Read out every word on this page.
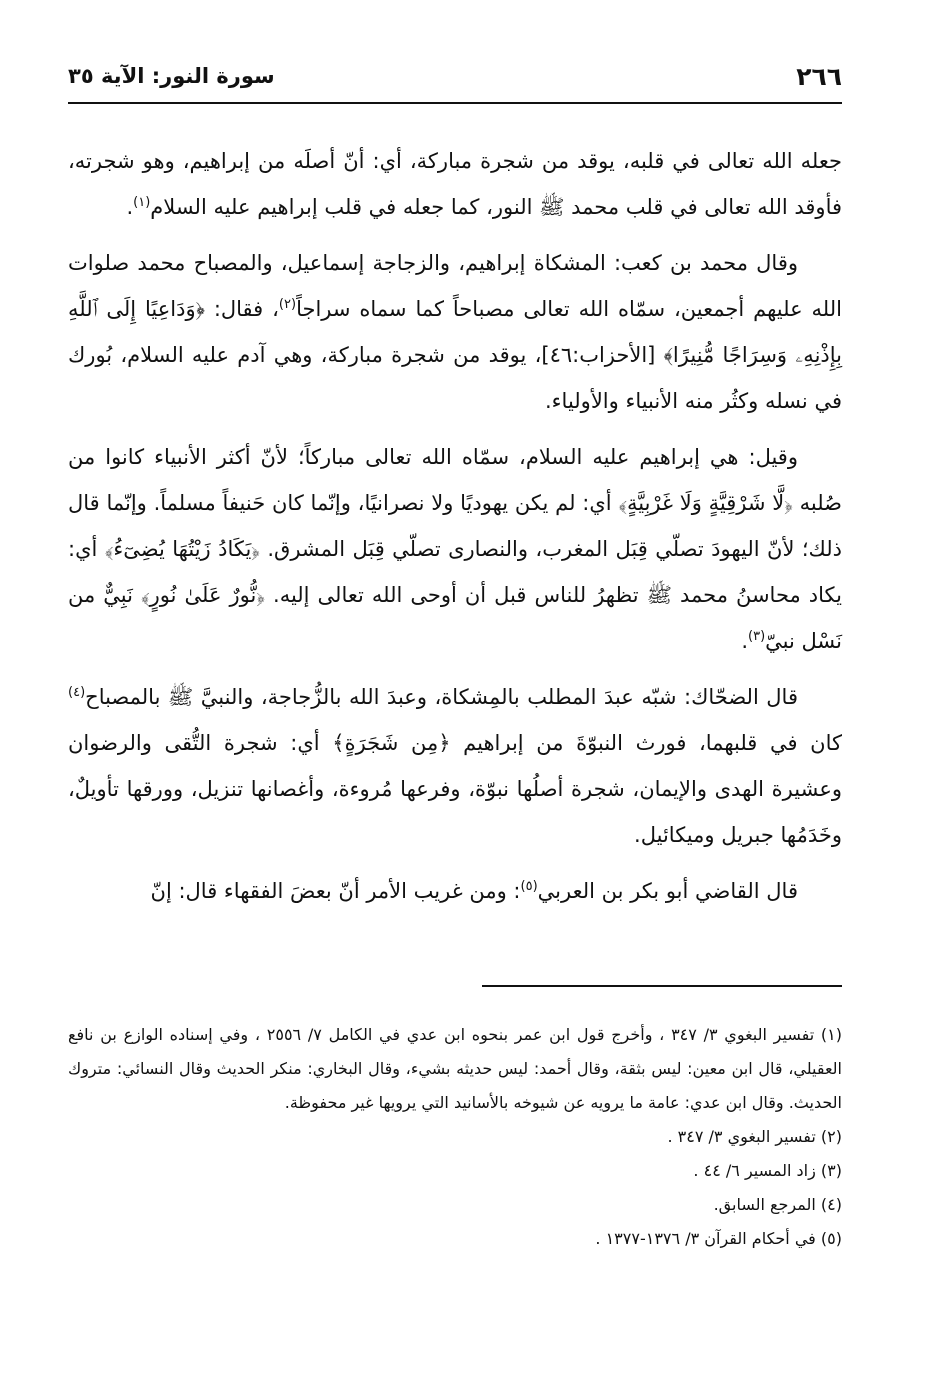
٢٦٦
سورة النور: الآية ٣٥

جعله الله تعالى في قلبه، يوقد من شجرة مباركة، أي: أنّ أصلَه من إبراهيم، وهو شجرته، فأوقد الله تعالى في قلب محمد ﷺ النور، كما جعله في قلب إبراهيم عليه السلام$^{(١)}$.

وقال محمد بن كعب: المشكاة إبراهيم، والزجاجة إسماعيل، والمصباح محمد صلوات الله عليهم أجمعين، سمّاه الله تعالى مصباحاً كما سماه سراجاً$^{(٢)}$، فقال: ﴿وَدَاعِيًا إِلَى ٱللَّهِ بِإِذْنِهِۦ وَسِرَاجًا مُّنِيرًا﴾ [الأحزاب:٤٦]، يوقد من شجرة مباركة، وهي آدم عليه السلام، بُورك في نسله وكثُر منه الأنبياء والأولياء.

وقيل: هي إبراهيم عليه السلام، سمّاه الله تعالى مباركاً؛ لأنّ أكثر الأنبياء كانوا من صُلبه ﴿لَّا شَرْقِيَّةٍ وَلَا غَرْبِيَّةٍ﴾ أي: لم يكن يهوديًا ولا نصرانيًا، وإنّما كان حَنيفاً مسلماً. وإنّما قال ذلك؛ لأنّ اليهودَ تصلّي قِبَل المغرب، والنصارى تصلّي قِبَل المشرق. ﴿يَكَادُ زَيْتُهَا يُضِىٓءُ﴾ أي: يكاد محاسنُ محمد ﷺ تظهرُ للناس قبل أن أوحى الله تعالى إليه. ﴿نُّورٌ عَلَىٰ نُورٍ﴾ نَبِيٌّ من نَسْل نبيّ$^{(٣)}$.

قال الضحّاك: شبّه عبدَ المطلب بالمِشكاة، وعبدَ الله بالزُّجاجة، والنبيَّ ﷺ بالمصباح$^{(٤)}$ كان في قلبهما، فورث النبوّةَ من إبراهيم ﴿مِن شَجَرَةٍ﴾ أي: شجرة التُّقى والرضوان وعشيرة الهدى والإيمان، شجرة أصلُها نبوّة، وفرعها مُروءة، وأغصانها تنزيل، وورقها تأويلٌ، وخَدَمُها جبريل وميكائيل.

قال القاضي أبو بكر بن العربي$^{(٥)}$: ومن غريب الأمر أنّ بعضَ الفقهاء قال: إنّ

(١) تفسير البغوي ٣/ ٣٤٧ ، وأخرج قول ابن عمر بنحوه ابن عدي في الكامل ٧/ ٢٥٥٦ ، وفي إسناده الوازع بن نافع العقيلي، قال ابن معين: ليس بثقة، وقال أحمد: ليس حديثه بشيء، وقال البخاري: منكر الحديث وقال النسائي: متروك الحديث. وقال ابن عدي: عامة ما يرويه عن شيوخه بالأسانيد التي يرويها غير محفوظة.

(٢) تفسير البغوي ٣/ ٣٤٧ .

(٣) زاد المسير ٦/ ٤٤ .

(٤) المرجع السابق.

(٥) في أحكام القرآن ٣/ ١٣٧٦-١٣٧٧ .
